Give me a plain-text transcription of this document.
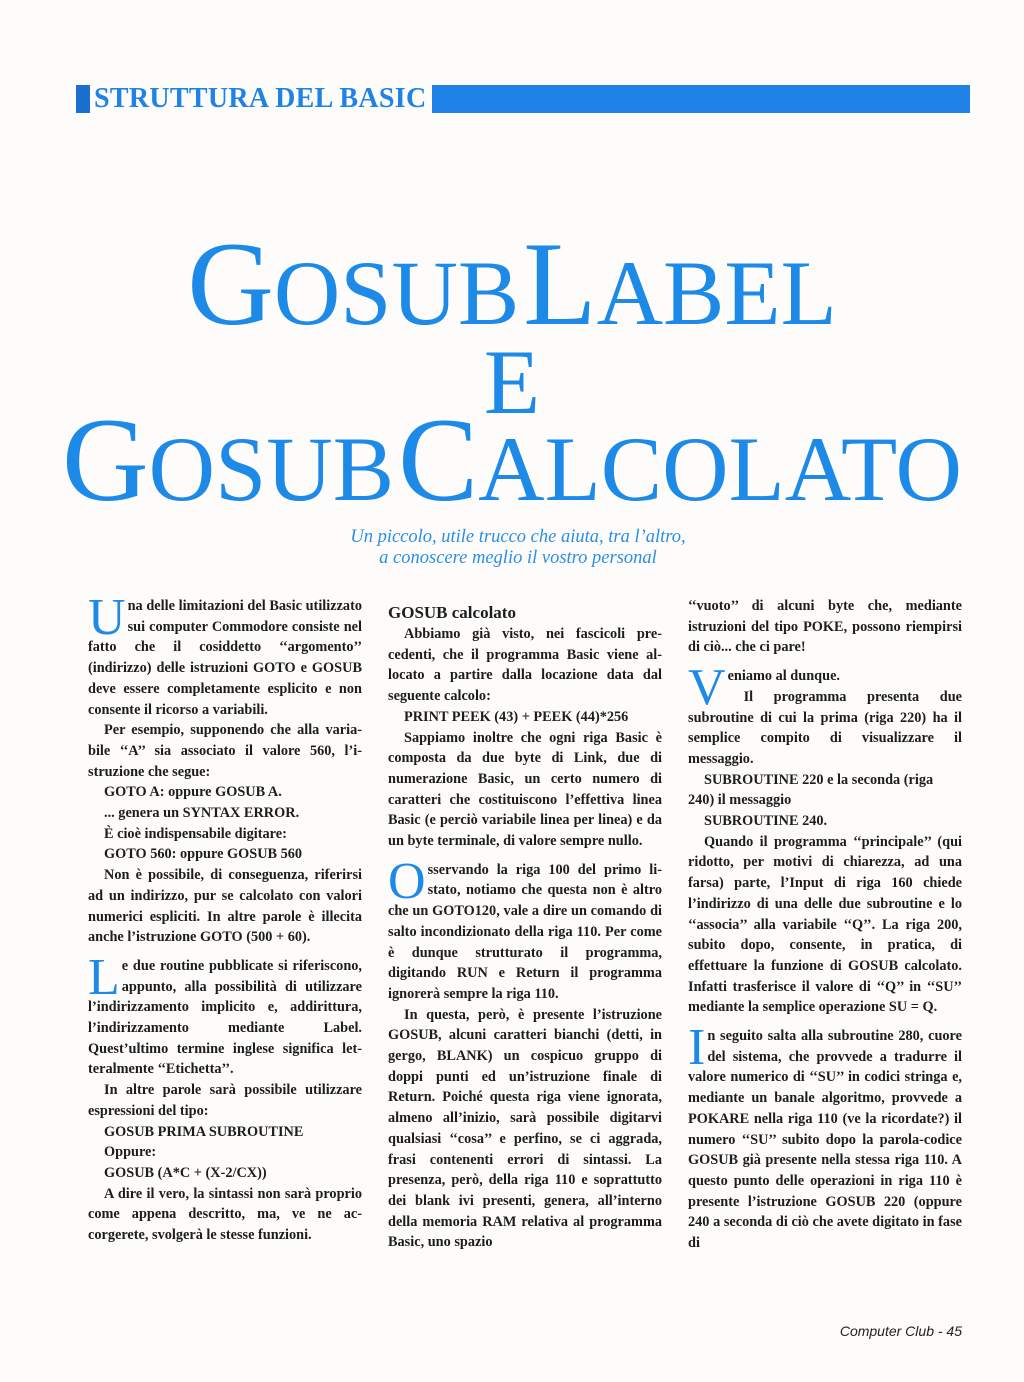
STRUTTURA DEL BASIC
GOSUB LABEL
E
GOSUB CALCOLATO
Un piccolo, utile trucco che aiuta, tra l’altro,
a conoscere meglio il vostro personal

Una delle limitazioni del Basic utilizzato sui computer Commodore consiste nel fatto che il cosiddetto ‘‘argomento’’ (indirizzo) delle istruzioni GOTO e GOSUB deve essere completamente esplicito e non consente il ricorso a variabili.

Per esempio, supponendo che alla variabile ‘‘A’’ sia associato il valore 560, l’istruzione che segue:

GOTO A: oppure GOSUB A.

... genera un SYNTAX ERROR.

È cioè indispensabile digitare:

GOTO 560: oppure GOSUB 560

Non è possibile, di conseguenza, riferirsi ad un indirizzo, pur se calcolato con valori numerici espliciti. In altre parole è illecita anche l’istruzione GOTO (500 + 60).

Le due routine pubblicate si riferiscono, appunto, alla possibilità di utilizzare l’indirizzamento implicito e, addirittura, l’indirizzamento mediante Label. Quest’ultimo termine inglese significa letteralmente ‘‘Etichetta’’.

In altre parole sarà possibile utilizzare espressioni del tipo:

GOSUB PRIMA SUBROUTINE

Oppure:

GOSUB (A*C + (X-2/CX))

A dire il vero, la sintassi non sarà proprio come appena descritto, ma, ve ne accorgerete, svolgerà le stesse funzioni.

GOSUB calcolato

Abbiamo già visto, nei fascicoli precedenti, che il programma Basic viene allocato a partire dalla locazione data dal seguente calcolo:

PRINT PEEK (43) + PEEK (44)*256

Sappiamo inoltre che ogni riga Basic è composta da due byte di Link, due di numerazione Basic, un certo numero di caratteri che costituiscono l’effettiva linea Basic (e perciò variabile linea per linea) e da un byte terminale, di valore sempre nullo.

Osservando la riga 100 del primo listato, notiamo che questa non è altro che un GOTO120, vale a dire un comando di salto incondizionato della riga 110. Per come è dunque strutturato il programma, digitando RUN e Return il programma ignorerà sempre la riga 110.

In questa, però, è presente l’istruzione GOSUB, alcuni caratteri bianchi (detti, in gergo, BLANK) un cospicuo gruppo di doppi punti ed un’istruzione finale di Return. Poiché questa riga viene ignorata, almeno all’inizio, sarà possibile digitarvi qualsiasi ‘‘cosa’’ e perfino, se ci aggrada, frasi contenenti errori di sintassi. La presenza, però, della riga 110 e soprattutto dei blank ivi presenti, genera, all’interno della memoria RAM relativa al programma Basic, uno spazio

‘‘vuoto’’ di alcuni byte che, mediante istruzioni del tipo POKE, possono riempirsi di ciò... che ci pare!

Veniamo al dunque.

Il programma presenta due subroutine di cui la prima (riga 220) ha il semplice compito di visualizzare il messaggio.

SUBROUTINE 220 e la seconda (riga 240) il messaggio

SUBROUTINE 240.

Quando il programma ‘‘principale’’ (qui ridotto, per motivi di chiarezza, ad una farsa) parte, l’Input di riga 160 chiede l’indirizzo di una delle due subroutine e lo ‘‘associa’’ alla variabile ‘‘Q’’. La riga 200, subito dopo, consente, in pratica, di effettuare la funzione di GOSUB calcolato. Infatti trasferisce il valore di ‘‘Q’’ in ‘‘SU’’ mediante la semplice operazione SU = Q.

In seguito salta alla subroutine 280, cuore del sistema, che provvede a tradurre il valore numerico di ‘‘SU’’ in codici stringa e, mediante un banale algoritmo, provvede a POKARE nella riga 110 (ve la ricordate?) il numero ‘‘SU’’ subito dopo la parola-codice GOSUB già presente nella stessa riga 110. A questo punto delle operazioni in riga 110 è presente l’istruzione GOSUB 220 (oppure 240 a seconda di ciò che avete digitato in fase di

Computer Club - 45
